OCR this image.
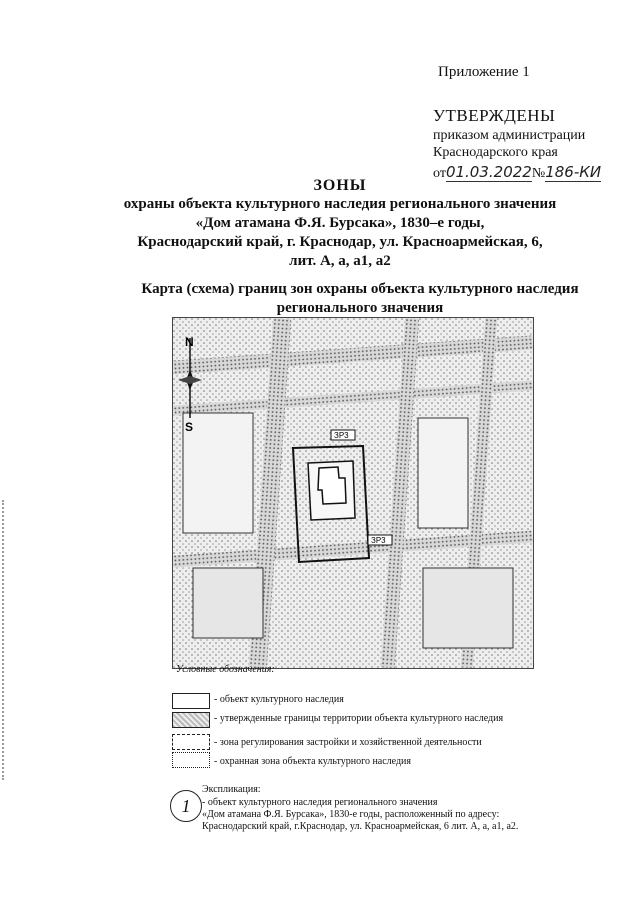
Приложение 1
УТВЕРЖДЕНЫ
приказом администрации
Краснодарского края
от01.03.2022№186-КИ
ЗОНЫ
охраны объекта культурного наследия регионального значения
«Дом атамана Ф.Я. Бурсака», 1830–е годы,
Краснодарский край, г. Краснодар, ул. Красноармейская, 6,
лит. А, а, а1, а2
Карта (схема) границ зон охраны объекта культурного наследия
регионального значения
N
S
ЗР3
ЗР3
Условные обозначения:
- объект культурного наследия
- утвержденные границы территории объекта культурного наследия
- зона регулирования застройки и хозяйственной деятельности
- охранная зона объекта культурного наследия
Экспликация:
1	- объект культурного наследия регионального значения
«Дом атамана Ф.Я. Бурсака», 1830-е годы, расположенный по адресу:
Краснодарский край, г.Краснодар, ул. Красноармейская, 6 лит. А, а, а1, а2.
